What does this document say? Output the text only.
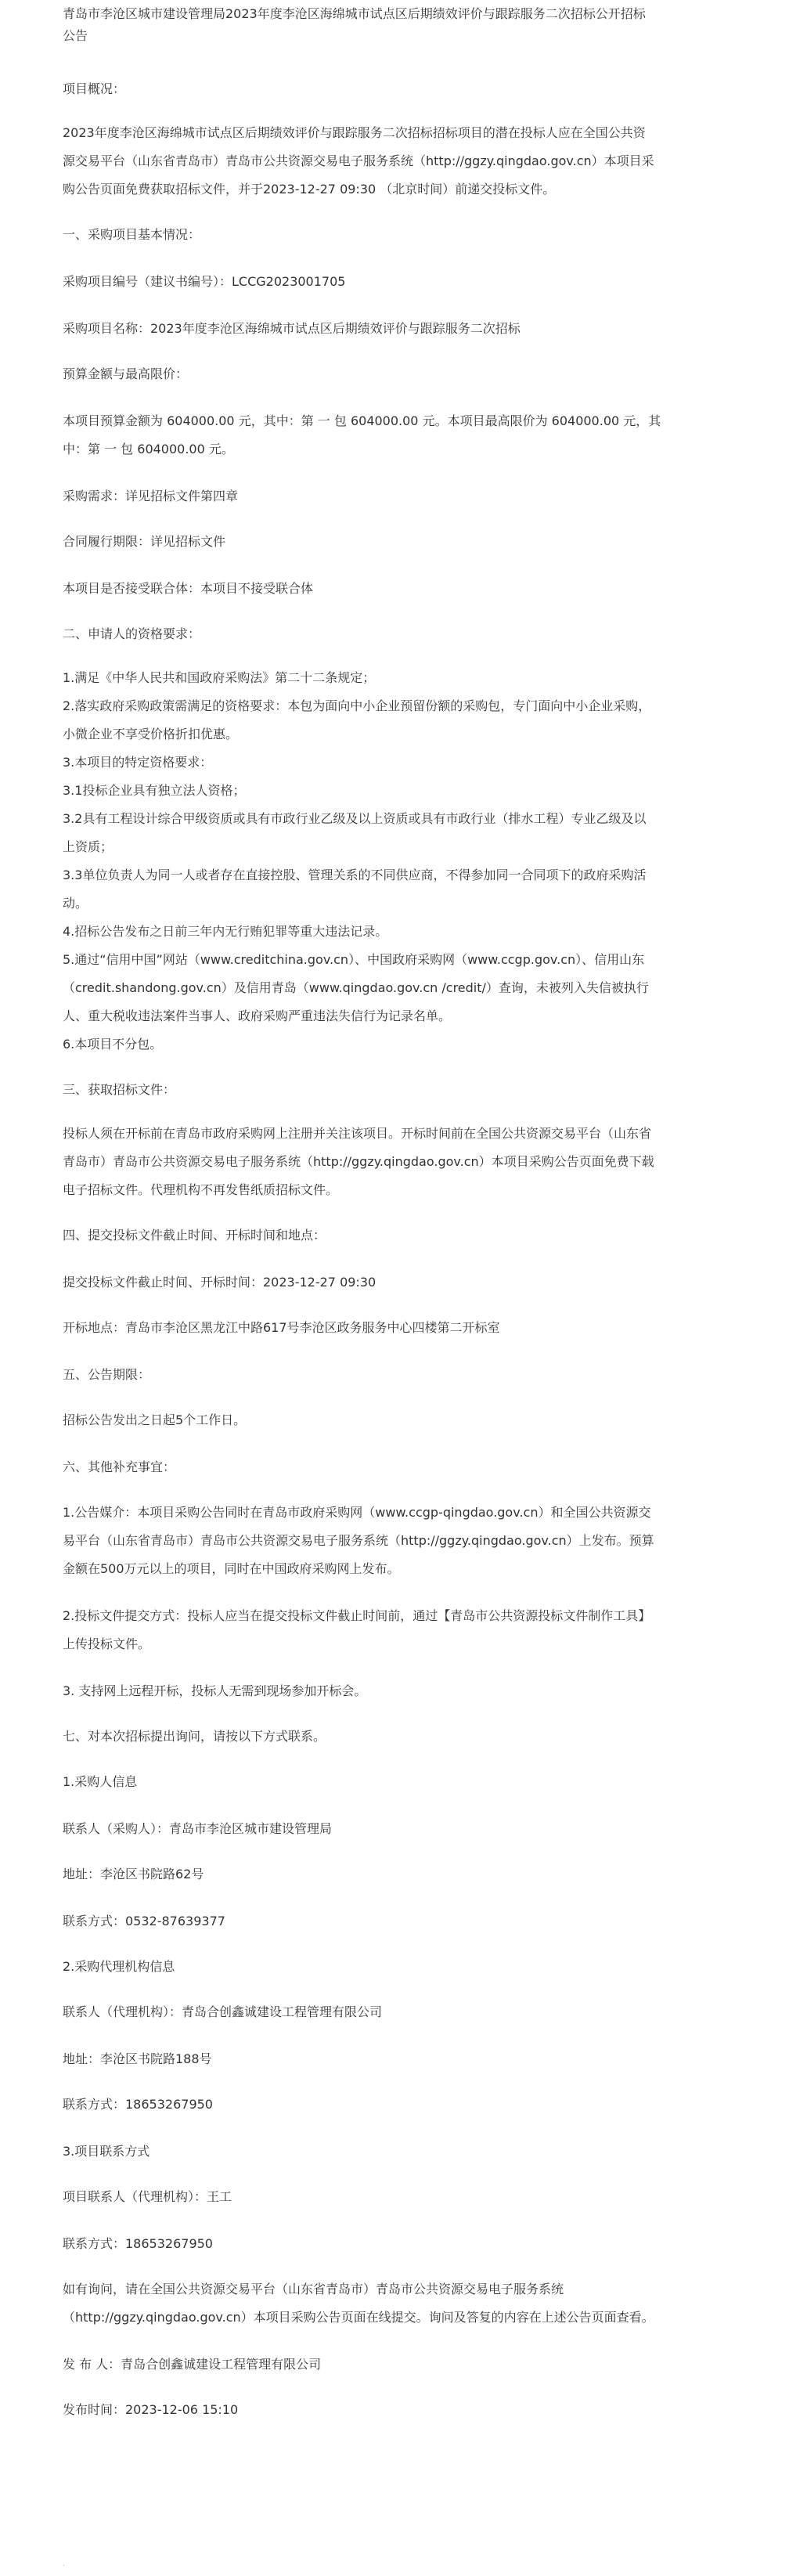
青岛市李沧区城市建设管理局2023年度李沧区海绵城市试点区后期绩效评价与跟踪服务二次招标公开招标
公告
项目概况：
2023年度李沧区海绵城市试点区后期绩效评价与跟踪服务二次招标招标项目的潜在投标人应在全国公共资
源交易平台（山东省青岛市）青岛市公共资源交易电子服务系统（http://ggzy.qingdao.gov.cn）本项目采
购公告页面免费获取招标文件，并于2023-12-27 09:30 （北京时间）前递交投标文件。
一、采购项目基本情况：
采购项目编号（建议书编号）：LCCG2023001705
采购项目名称：2023年度李沧区海绵城市试点区后期绩效评价与跟踪服务二次招标
预算金额与最高限价：
本项目预算金额为 604000.00 元，其中：第 一 包 604000.00 元。本项目最高限价为 604000.00 元，其
中：第 一 包 604000.00 元。
采购需求：详见招标文件第四章
合同履行期限：详见招标文件
本项目是否接受联合体：本项目不接受联合体
二、申请人的资格要求：
1.满足《中华人民共和国政府采购法》第二十二条规定；
2.落实政府采购政策需满足的资格要求：本包为面向中小企业预留份额的采购包，专门面向中小企业采购，
小微企业不享受价格折扣优惠。
3.本项目的特定资格要求：
3.1投标企业具有独立法人资格；
3.2具有工程设计综合甲级资质或具有市政行业乙级及以上资质或具有市政行业（排水工程）专业乙级及以
上资质；
3.3单位负责人为同一人或者存在直接控股、管理关系的不同供应商，不得参加同一合同项下的政府采购活
动。
4.招标公告发布之日前三年内无行贿犯罪等重大违法记录。
5.通过“信用中国”网站（www.creditchina.gov.cn）、中国政府采购网（www.ccgp.gov.cn）、信用山东
（credit.shandong.gov.cn）及信用青岛（www.qingdao.gov.cn /credit/）查询，未被列入失信被执行
人、重大税收违法案件当事人、政府采购严重违法失信行为记录名单。
6.本项目不分包。
三、获取招标文件：
投标人须在开标前在青岛市政府采购网上注册并关注该项目。开标时间前在全国公共资源交易平台（山东省
青岛市）青岛市公共资源交易电子服务系统（http://ggzy.qingdao.gov.cn）本项目采购公告页面免费下载
电子招标文件。代理机构不再发售纸质招标文件。
四、提交投标文件截止时间、开标时间和地点：
提交投标文件截止时间、开标时间：2023-12-27 09:30
开标地点：青岛市李沧区黑龙江中路617号李沧区政务服务中心四楼第二开标室
五、公告期限：
招标公告发出之日起5个工作日。
六、其他补充事宜：
1.公告媒介：本项目采购公告同时在青岛市政府采购网（www.ccgp-qingdao.gov.cn）和全国公共资源交
易平台（山东省青岛市）青岛市公共资源交易电子服务系统（http://ggzy.qingdao.gov.cn）上发布。预算
金额在500万元以上的项目，同时在中国政府采购网上发布。
2.投标文件提交方式：投标人应当在提交投标文件截止时间前，通过【青岛市公共资源投标文件制作工具】
上传投标文件。
3. 支持网上远程开标，投标人无需到现场参加开标会。
七、对本次招标提出询问，请按以下方式联系。
1.采购人信息
联系人（采购人）：青岛市李沧区城市建设管理局
地址：李沧区书院路62号
联系方式：0532-87639377
2.采购代理机构信息
联系人（代理机构）：青岛合创鑫诚建设工程管理有限公司
地址：李沧区书院路188号
联系方式：18653267950
3.项目联系方式
项目联系人（代理机构）：王工
联系方式：18653267950
如有询问，请在全国公共资源交易平台（山东省青岛市）青岛市公共资源交易电子服务系统
（http://ggzy.qingdao.gov.cn）本项目采购公告页面在线提交。询问及答复的内容在上述公告页面查看。
发 布 人：青岛合创鑫诚建设工程管理有限公司
发布时间：2023-12-06 15:10
·
